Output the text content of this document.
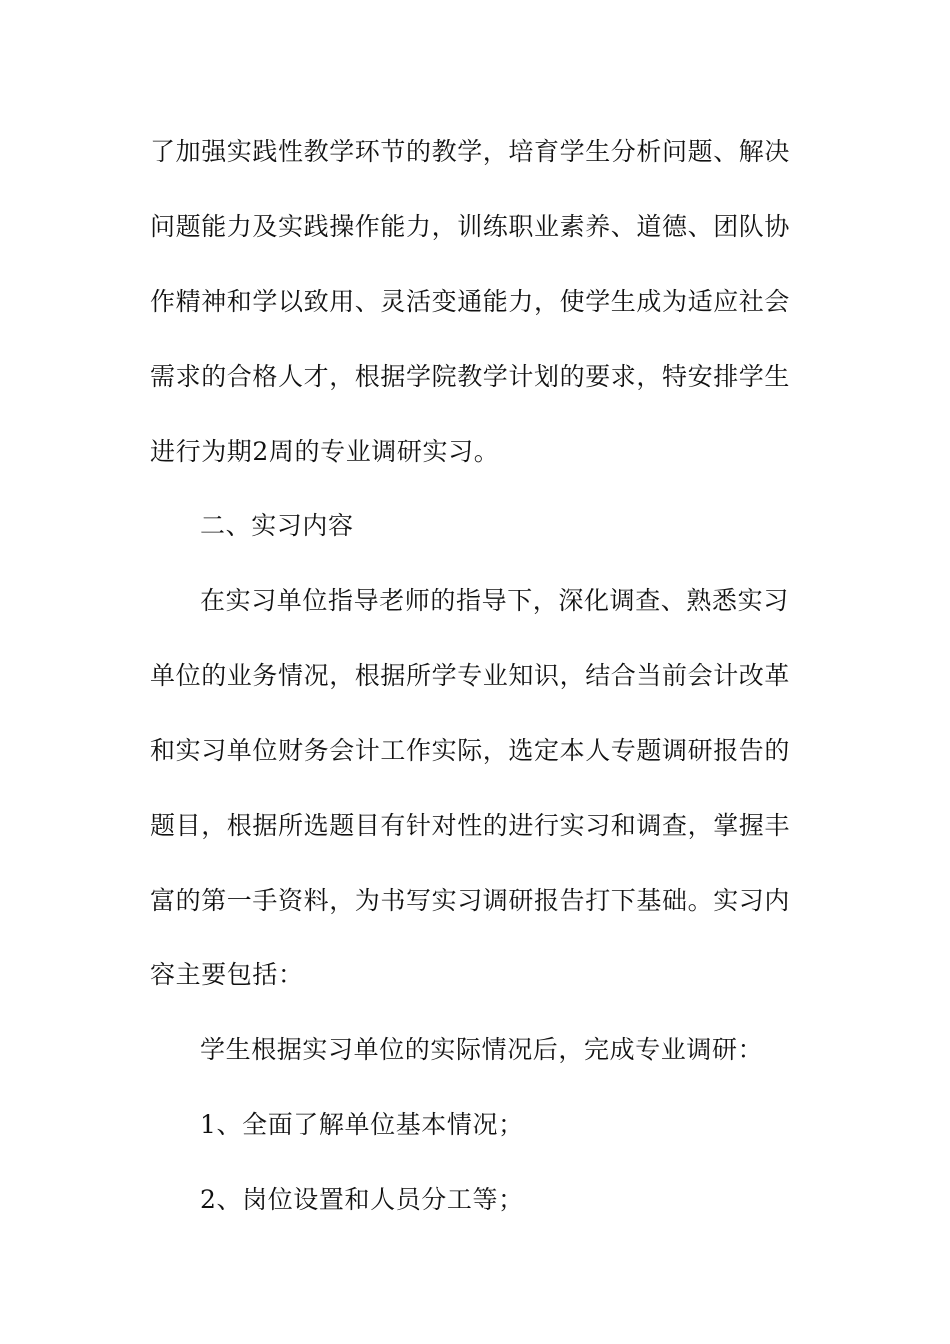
了加强实践性教学环节的教学，培育学生分析问题、解决
问题能力及实践操作能力，训练职业素养、道德、团队协
作精神和学以致用、灵活变通能力，使学生成为适应社会
需求的合格人才，根据学院教学计划的要求，特安排学生
进行为期2周的专业调研实习。
二、实习内容
在实习单位指导老师的指导下，深化调查、熟悉实习
单位的业务情况，根据所学专业知识，结合当前会计改革
和实习单位财务会计工作实际，选定本人专题调研报告的
题目，根据所选题目有针对性的进行实习和调查，掌握丰
富的第一手资料，为书写实习调研报告打下基础。实习内
容主要包括：
学生根据实习单位的实际情况后，完成专业调研：
1、全面了解单位基本情况；
2、岗位设置和人员分工等；
